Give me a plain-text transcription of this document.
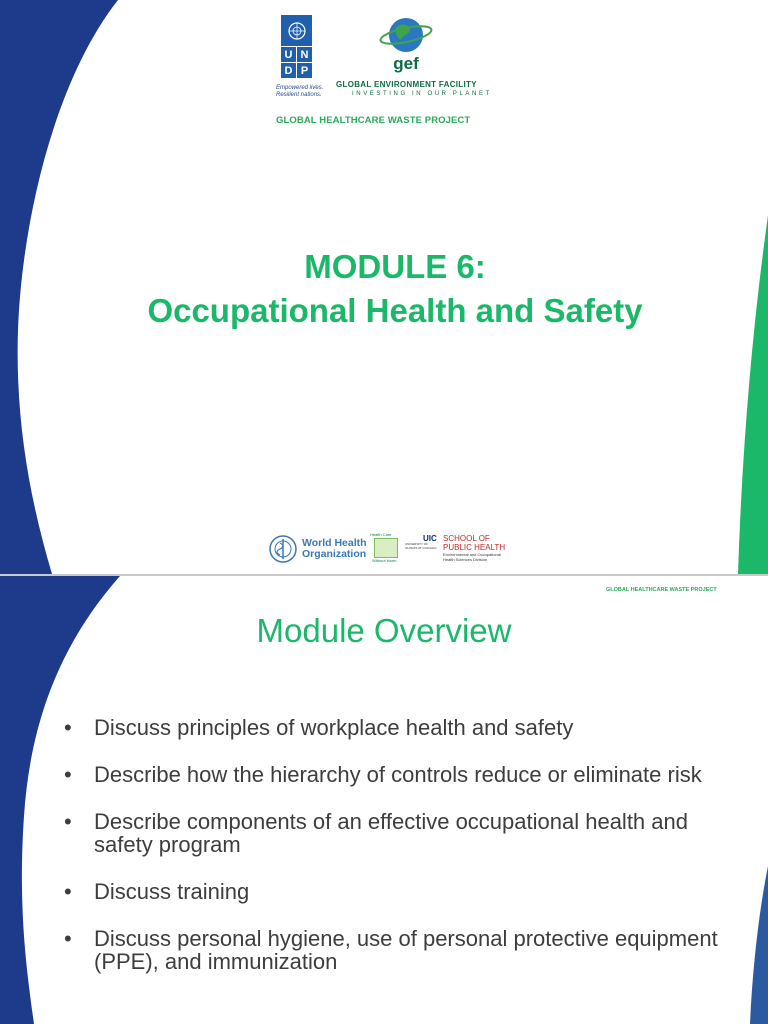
U N
D P
Empowered lives.
Resilient nations.
gef
GLOBAL ENVIRONMENT FACILITY
INVESTING IN OUR PLANET
GLOBAL HEALTHCARE WASTE PROJECT
MODULE 6:
Occupational Health and Safety
World Health
Organization
Health Care
Without Harm
UIC
UNIVERSITY OF ILLINOIS AT CHICAGO
SCHOOL OF
PUBLIC HEALTH
Environmental and Occupational Health Sciences Division
GLOBAL HEALTHCARE WASTE PROJECT
Module Overview
• Discuss principles of workplace health and safety
• Describe how the hierarchy of controls reduce or eliminate risk
• Describe components of an effective occupational health and safety program
• Discuss training
• Discuss personal hygiene, use of personal protective equipment (PPE), and immunization
